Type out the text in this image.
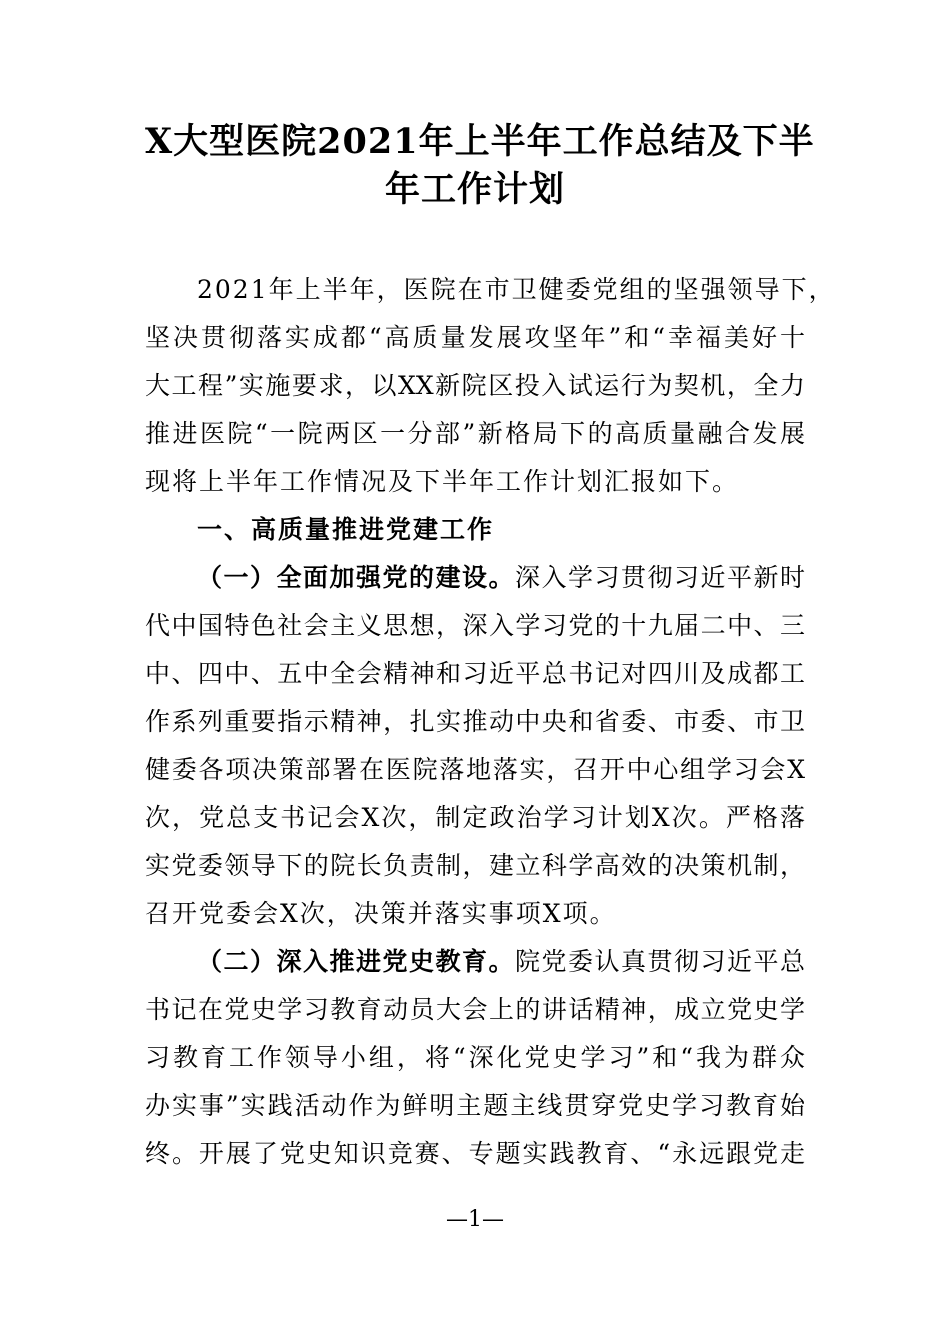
X大型医院2021年上半年工作总结及下半
年工作计划
2021年上半年，医院在市卫健委党组的坚强领导下，
坚决贯彻落实成都“高质量发展攻坚年”和“幸福美好十
大工程”实施要求，以XX新院区投入试运行为契机，全力
推进医院“一院两区一分部”新格局下的高质量融合发展
现将上半年工作情况及下半年工作计划汇报如下。
一、高质量推进党建工作
（一）全面加强党的建设。深入学习贯彻习近平新时
代中国特色社会主义思想，深入学习党的十九届二中、三
中、四中、五中全会精神和习近平总书记对四川及成都工
作系列重要指示精神，扎实推动中央和省委、市委、市卫
健委各项决策部署在医院落地落实，召开中心组学习会X
次，党总支书记会X次，制定政治学习计划X次。严格落
实党委领导下的院长负责制，建立科学高效的决策机制，
召开党委会X次，决策并落实事项X项。
（二）深入推进党史教育。院党委认真贯彻习近平总
书记在党史学习教育动员大会上的讲话精神，成立党史学
习教育工作领导小组，将“深化党史学习”和“我为群众
办实事”实践活动作为鲜明主题主线贯穿党史学习教育始
终。开展了党史知识竞赛、专题实践教育、“永远跟党走
—1—
